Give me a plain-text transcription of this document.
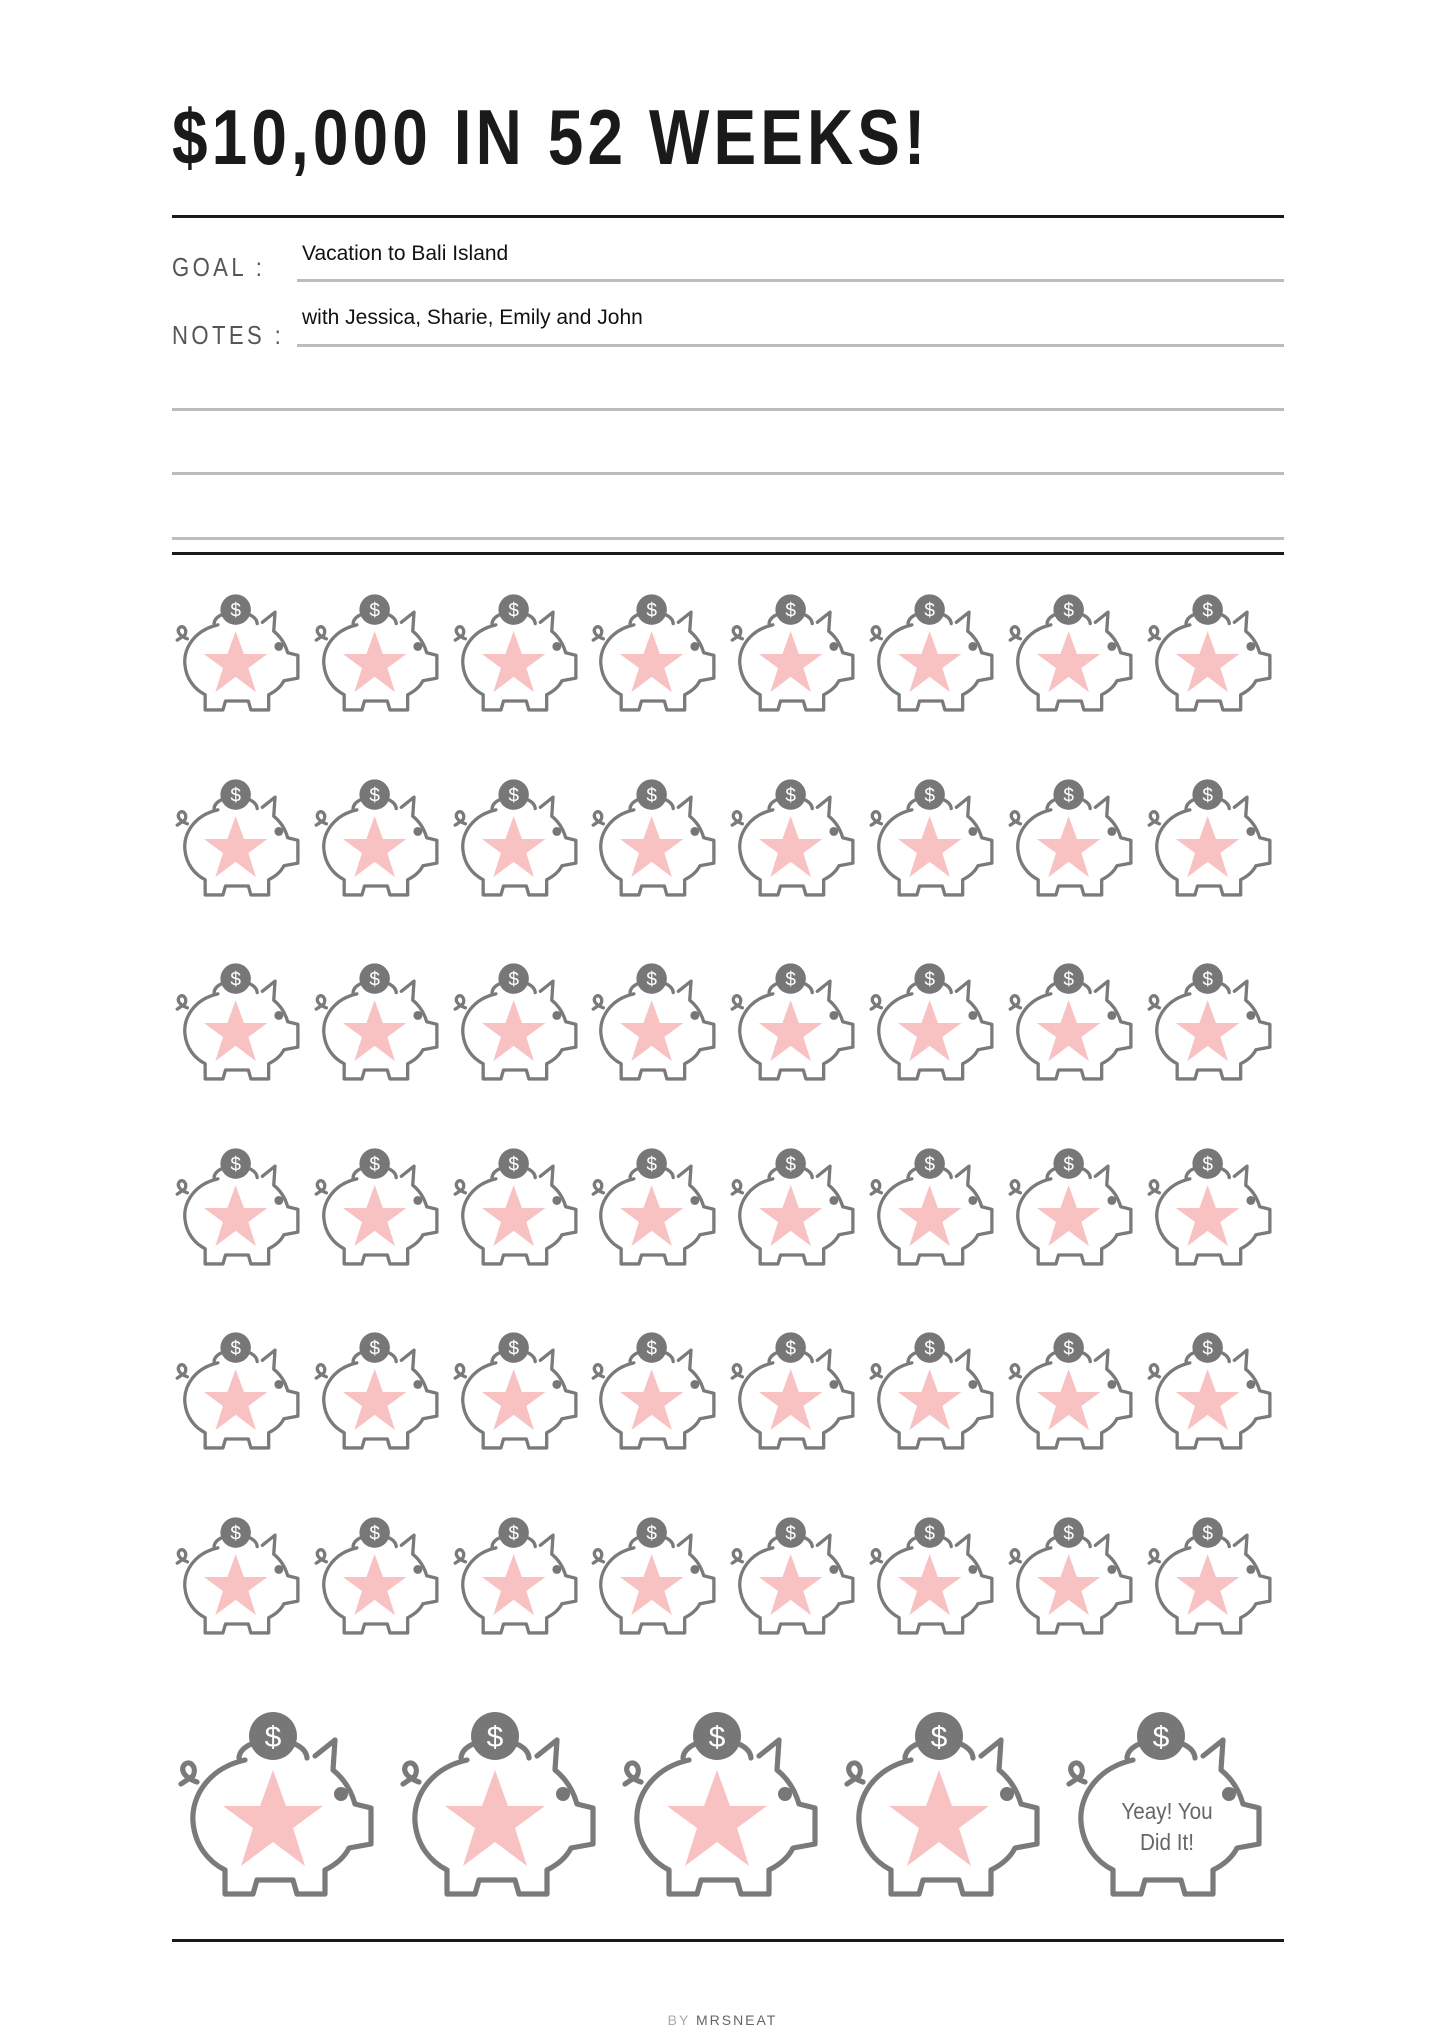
$10,000 IN 52 WEEKS!
GOAL : Vacation to Bali Island
NOTES :
with Jessica, Sharie, Emily and John
Yeay! You
Did It!
BY MRSNEAT
